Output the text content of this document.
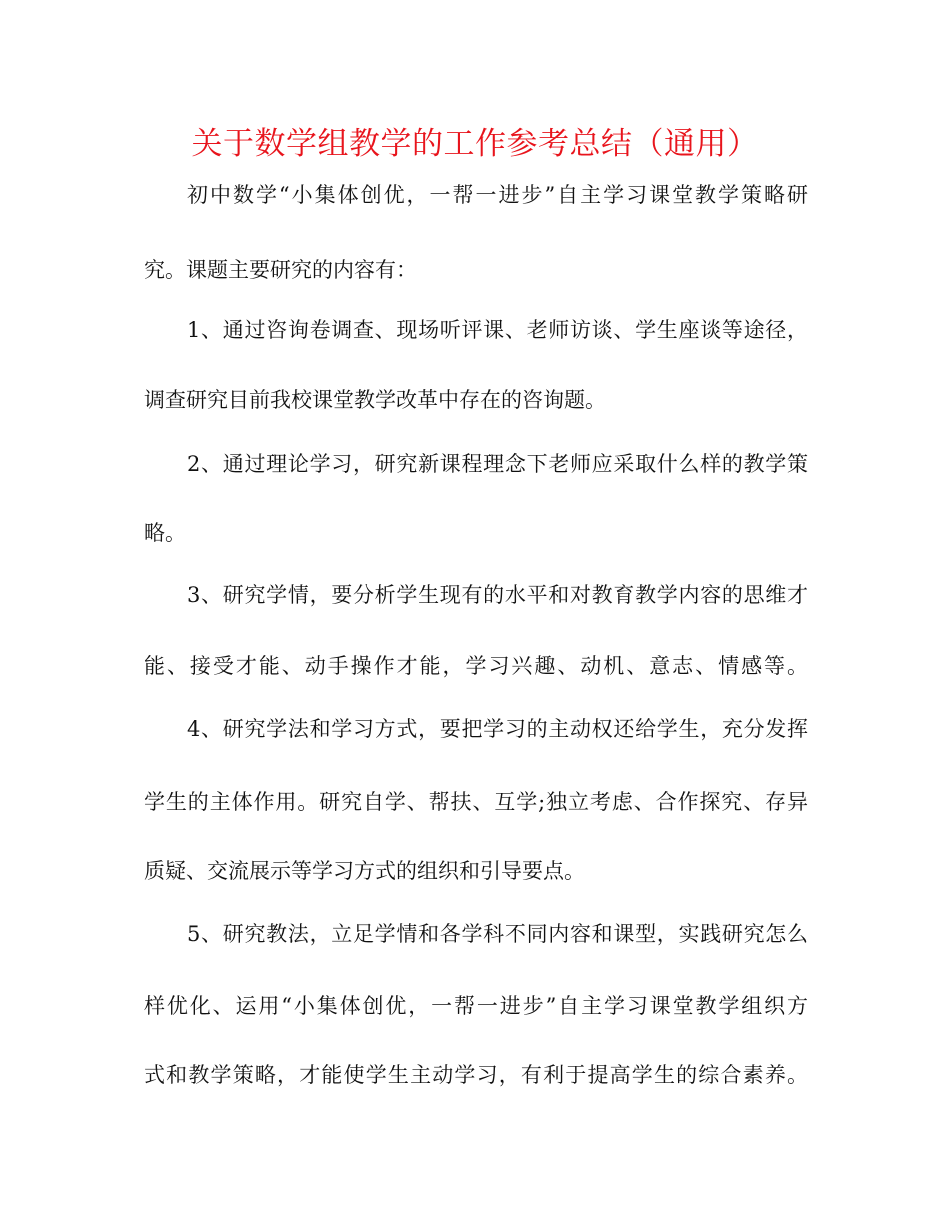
关于数学组教学的工作参考总结（通用）
初中数学“小集体创优，一帮一进步”自主学习课堂教学策略研
究。课题主要研究的内容有：
1、通过咨询卷调查、现场听评课、老师访谈、学生座谈等途径，
调查研究目前我校课堂教学改革中存在的咨询题。
2、通过理论学习，研究新课程理念下老师应采取什么样的教学策
略。
3、研究学情，要分析学生现有的水平和对教育教学内容的思维才
能、接受才能、动手操作才能，学习兴趣、动机、意志、情感等。
4、研究学法和学习方式，要把学习的主动权还给学生，充分发挥
学生的主体作用。研究自学、帮扶、互学;独立考虑、合作探究、存异
质疑、交流展示等学习方式的组织和引导要点。
5、研究教法，立足学情和各学科不同内容和课型，实践研究怎么
样优化、运用“小集体创优，一帮一进步”自主学习课堂教学组织方
式和教学策略，才能使学生主动学习，有利于提高学生的综合素养。
